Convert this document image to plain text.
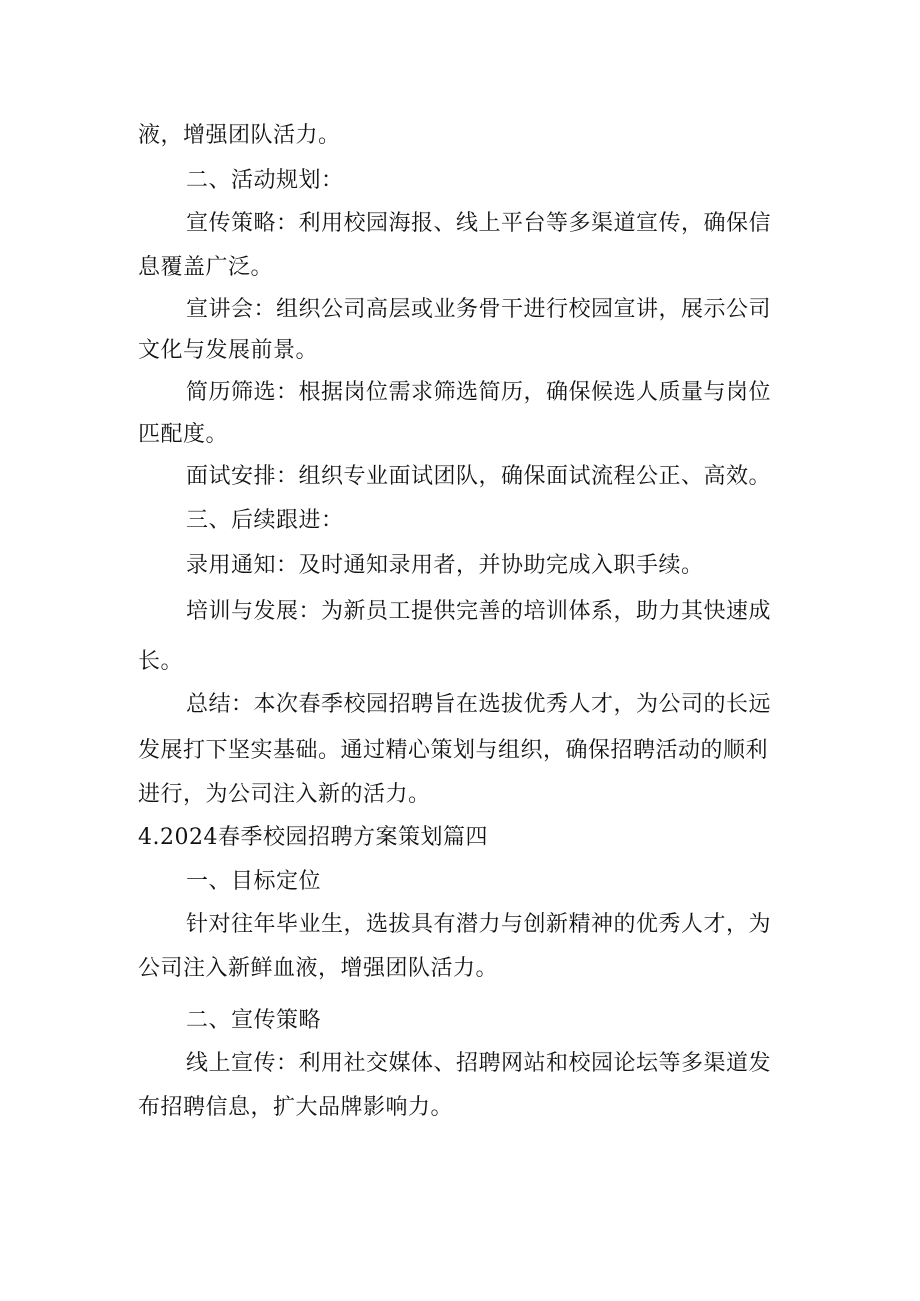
液，增强团队活力。
二、活动规划：
宣传策略：利用校园海报、线上平台等多渠道宣传，确保信
息覆盖广泛。
宣讲会：组织公司高层或业务骨干进行校园宣讲，展示公司
文化与发展前景。
简历筛选：根据岗位需求筛选简历，确保候选人质量与岗位
匹配度。
面试安排：组织专业面试团队，确保面试流程公正、高效。
三、后续跟进：
录用通知：及时通知录用者，并协助完成入职手续。
培训与发展：为新员工提供完善的培训体系，助力其快速成
长。
总结：本次春季校园招聘旨在选拔优秀人才，为公司的长远
发展打下坚实基础。通过精心策划与组织，确保招聘活动的顺利
进行，为公司注入新的活力。
4.2024春季校园招聘方案策划篇四
一、目标定位
针对往年毕业生，选拔具有潜力与创新精神的优秀人才，为
公司注入新鲜血液，增强团队活力。
二、宣传策略
线上宣传：利用社交媒体、招聘网站和校园论坛等多渠道发
布招聘信息，扩大品牌影响力。
